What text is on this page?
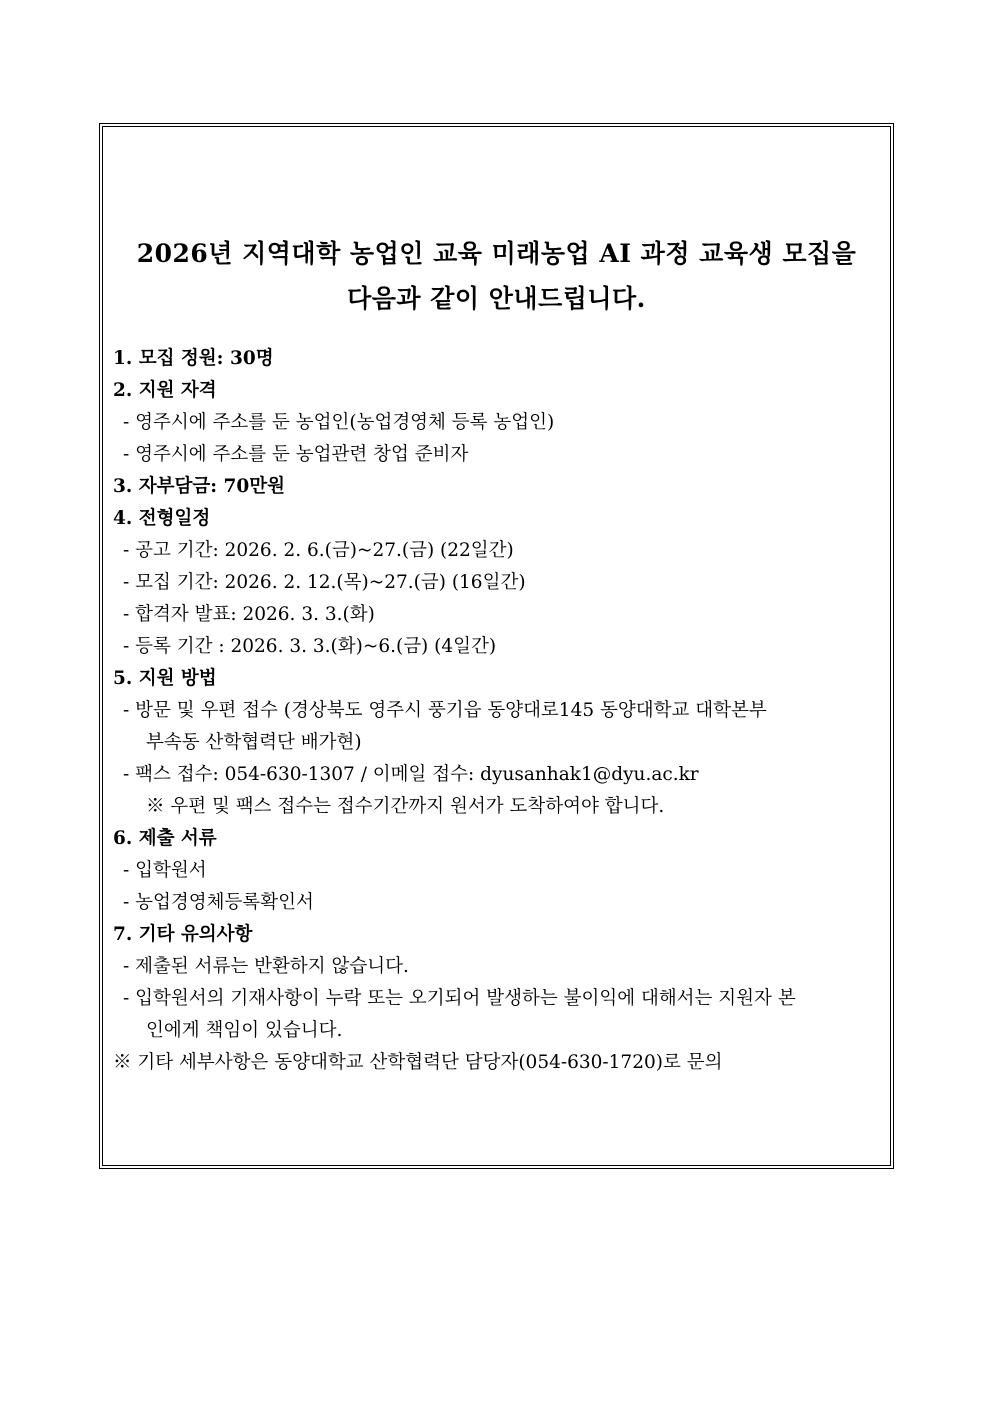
2026년 지역대학 농업인 교육 미래농업 AI 과정 교육생 모집을
다음과 같이 안내드립니다.
1. 모집 정원: 30명
2. 지원 자격
- 영주시에 주소를 둔 농업인(농업경영체 등록 농업인)
- 영주시에 주소를 둔 농업관련 창업 준비자
3. 자부담금: 70만원
4. 전형일정
- 공고 기간: 2026. 2. 6.(금)~27.(금) (22일간)
- 모집 기간: 2026. 2. 12.(목)~27.(금) (16일간)
- 합격자 발표: 2026. 3. 3.(화)
- 등록 기간 : 2026. 3. 3.(화)~6.(금) (4일간)
5. 지원 방법
- 방문 및 우편 접수 (경상북도 영주시 풍기읍 동양대로145 동양대학교 대학본부
부속동 산학협력단 배가현)
- 팩스 접수: 054-630-1307 / 이메일 접수: dyusanhak1@dyu.ac.kr
※ 우편 및 팩스 접수는 접수기간까지 원서가 도착하여야 합니다.
6. 제출 서류
- 입학원서
- 농업경영체등록확인서
7. 기타 유의사항
- 제출된 서류는 반환하지 않습니다.
- 입학원서의 기재사항이 누락 또는 오기되어 발생하는 불이익에 대해서는 지원자 본
인에게 책임이 있습니다.
※ 기타 세부사항은 동양대학교 산학협력단 담당자(054-630-1720)로 문의
